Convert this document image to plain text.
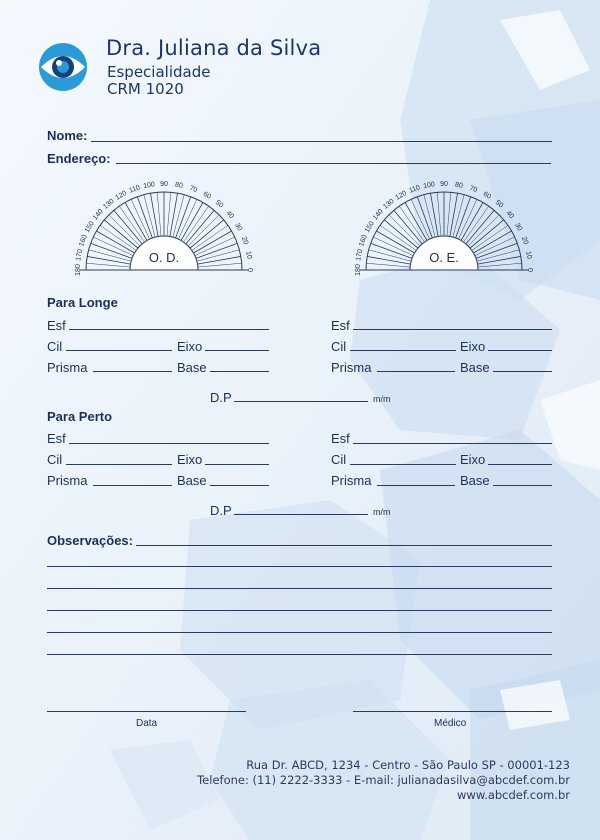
Dra. Juliana da Silva
Especialidade
CRM 1020
Nome:
Endereço:
180
170
160
150
140
130
120
110 100 90 80 70
60
50
40
30
20
10
0
O. D.
180
170
160
150
140
130
120
110 100 90 80 70
60
50
40
30
20
10
0
O. E.
Para Longe
Esf
Cil	Eixo
Prisma	Base
Esf
Cil	Eixo
Prisma	Base
D.P	m/m
Para Perto
Esf
Cil	Eixo
Prisma	Base
Esf
Cil	Eixo
Prisma	Base
D.P	m/m
Observações:
Data	Médico
Rua Dr. ABCD, 1234 - Centro - São Paulo SP - 00001-123
Telefone: (11) 2222-3333 - E-mail: julianadasilva@abcdef.com.br
www.abcdef.com.br
